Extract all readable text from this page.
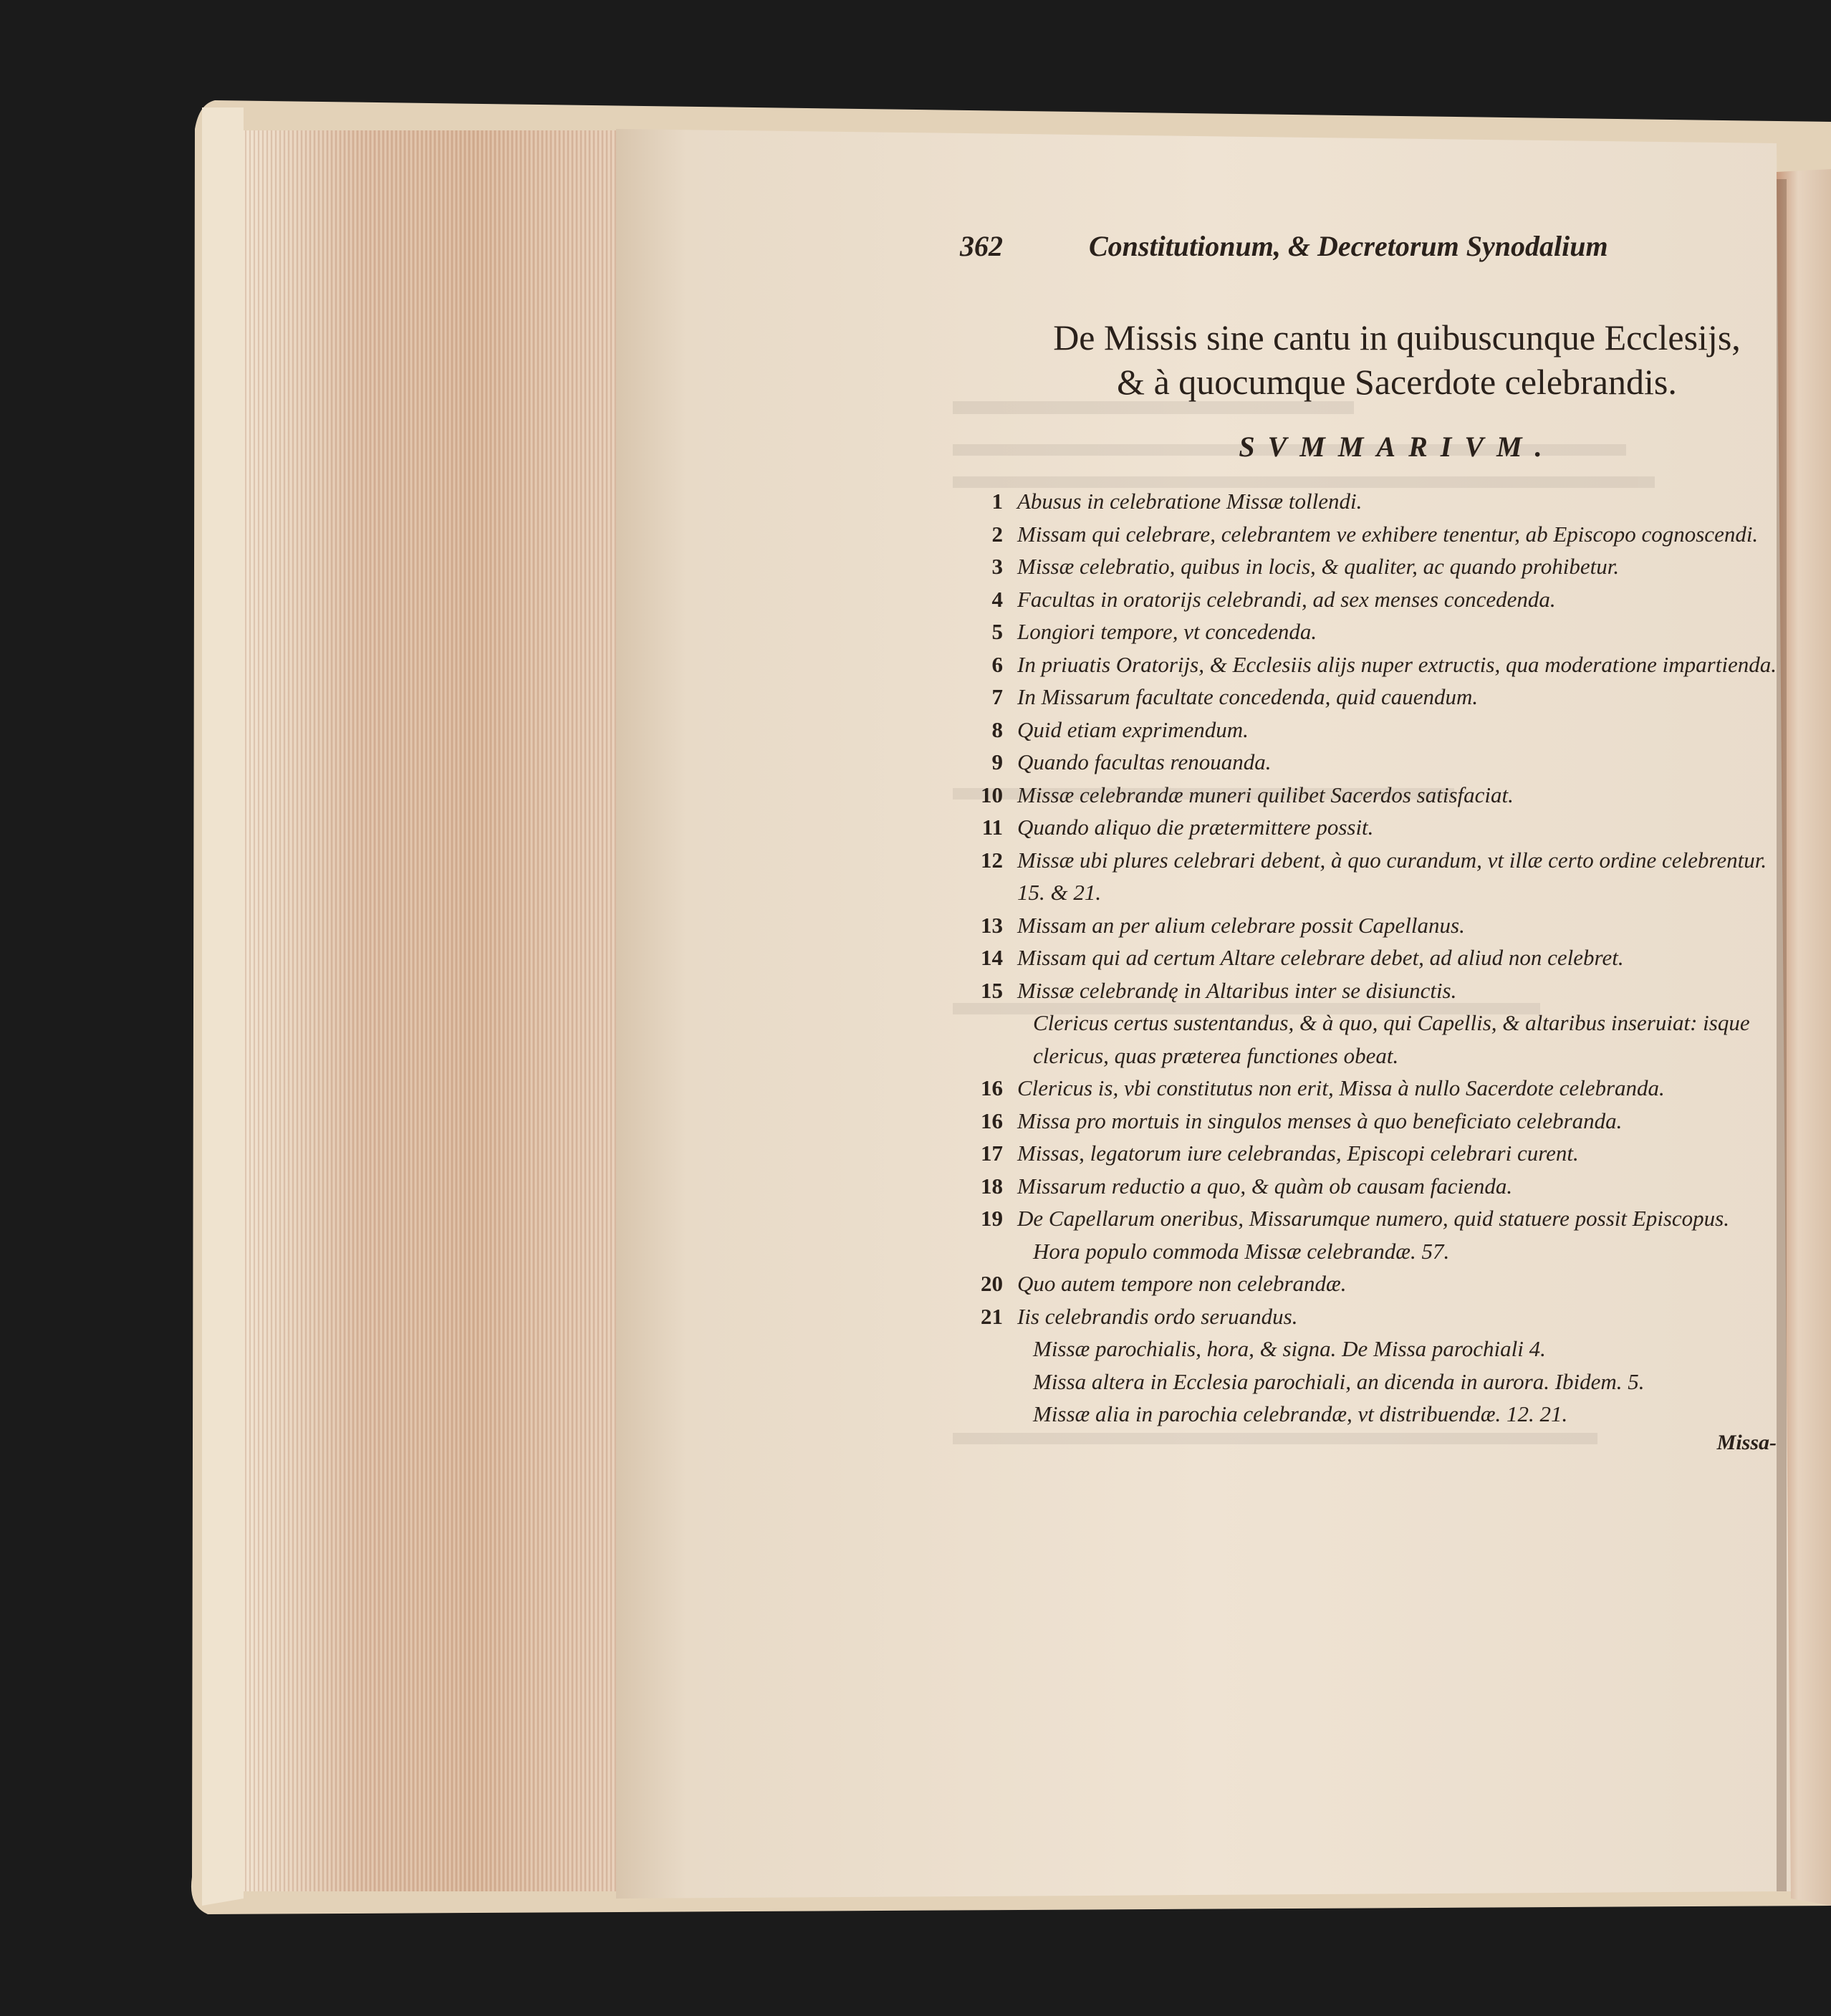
362	Constitutionum, & Decretorum Synodalium
De Missis sine cantu in quibuscunque Ecclesijs,
& à quocumque Sacerdote celebrandis.
SVMMARIVM.
1 Abusus in celebratione Missæ tollendi.
2 Missam qui celebrare, celebrantem ve exhibere tenentur, ab Episcopo cognoscendi.
3 Missæ celebratio, quibus in locis, & qualiter, ac quando prohibetur.
4 Facultas in oratorijs celebrandi, ad sex menses concedenda.
5 Longiori tempore, vt concedenda.
6 In priuatis Oratorijs, & Ecclesiis alijs nuper extructis, qua moderatione impartienda.
7 In Missarum facultate concedenda, quid cauendum.
8 Quid etiam exprimendum.
9 Quando facultas renouanda.
10 Missæ celebrandæ muneri quilibet Sacerdos satisfaciat.
11 Quando aliquo die prætermittere possit.
12 Missæ ubi plures celebrari debent, à quo curandum, vt illæ certo ordine celebrentur. 15. & 21.
13 Missam an per alium celebrare possit Capellanus.
14 Missam qui ad certum Altare celebrare debet, ad aliud non celebret.
15 Missæ celebrandę in Altaribus inter se disiunctis.
Clericus certus sustentandus, & à quo, qui Capellis, & altaribus inseruiat: isque clericus, quas præterea functiones obeat.
16 Clericus is, vbi constitutus non erit, Missa à nullo Sacerdote celebranda.
16 Missa pro mortuis in singulos menses à quo beneficiato celebranda.
17 Missas, legatorum iure celebrandas, Episcopi celebrari curent.
18 Missarum reductio a quo, & quàm ob causam facienda.
19 De Capellarum oneribus, Missarumque numero, quid statuere possit Episcopus.
Hora populo commoda Missæ celebrandæ. 57.
20 Quo autem tempore non celebrandæ.
21 Iis celebrandis ordo seruandus.
Missæ parochialis, hora, & signa. De Missa parochiali 4.
Missa altera in Ecclesia parochiali, an dicenda in aurora. Ibidem. 5.
Missæ alia in parochia celebrandæ, vt distribuendæ. 12. 21.
Missa-
